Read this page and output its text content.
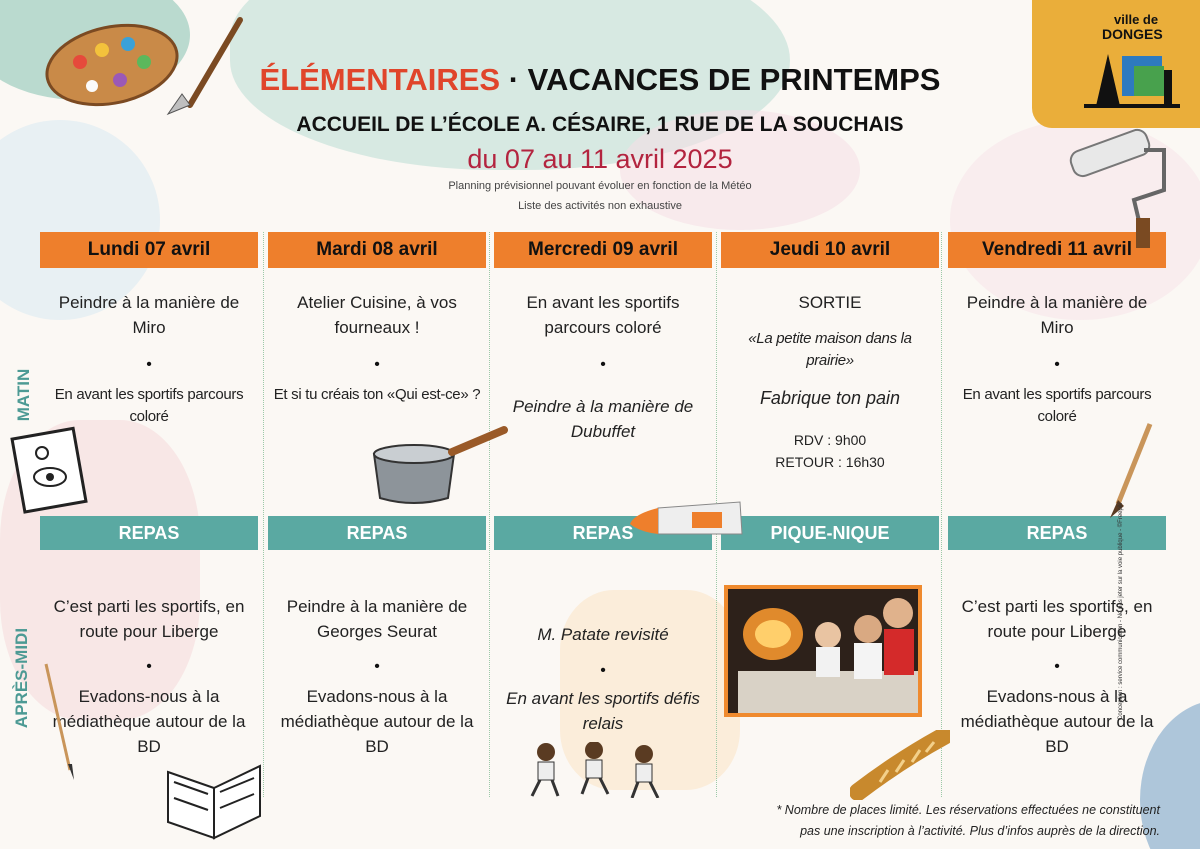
ville de
DONGES
ÉLÉMENTAIRES · VACANCES DE PRINTEMPS
ACCUEIL DE L’ÉCOLE A. CÉSAIRE, 1 RUE DE LA SOUCHAIS
du 07 au 11 avril 2025
Planning prévisionnel pouvant évoluer en fonction de la Météo
Liste des activités non exhaustive
MATIN
APRÈS-MIDI
Lundi 07 avril
Peindre à la manière de Miro
•
En avant les sportifs parcours coloré
REPAS
C’est parti les sportifs, en route pour Liberge
•
Evadons-nous à la médiathèque autour de la BD
Mardi 08 avril
Atelier Cuisine, à vos fourneaux !
•
Et si tu créais ton «Qui est-ce» ?
REPAS
Peindre à la manière de Georges Seurat
•
Evadons-nous à la médiathèque autour de la BD
Mercredi 09 avril
En avant les sportifs parcours coloré
•
Peindre à la manière de Dubuffet
REPAS
M. Patate revisité
•
En avant les sportifs défis relais
Jeudi 10 avril
SORTIE
«La petite maison dans la prairie»
Fabrique ton pain
RDV : 9h00
RETOUR : 16h30
PIQUE-NIQUE
Vendredi 11 avril
Peindre à la manière de Miro
•
En avant les sportifs parcours coloré
REPAS
C’est parti les sportifs, en route pour Liberge
•
Evadons-nous à la médiathèque autour de la BD
* Nombre de places limité. Les réservations effectuées ne constituent
pas une inscription à l’activité. Plus d’infos auprès de la direction.
Conception : service communication - Ne pas jeter sur la voie publique - ©Freepik
